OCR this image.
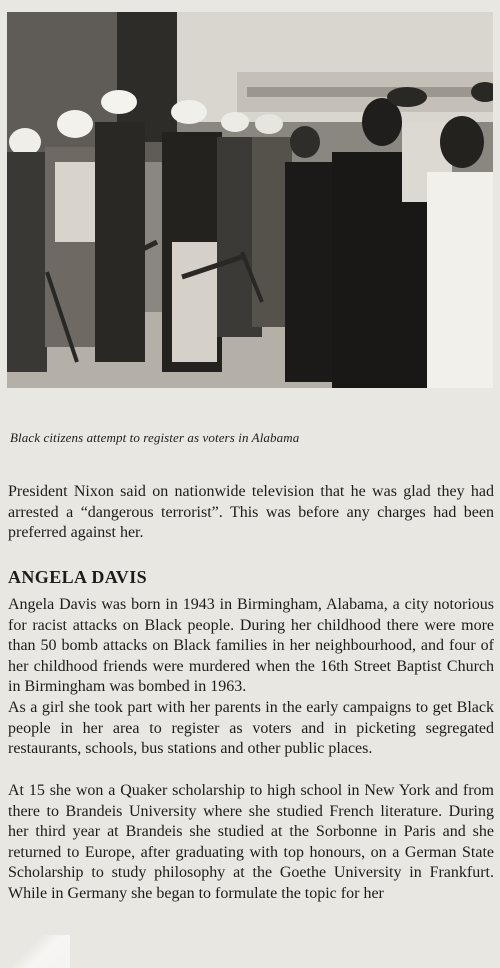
Black citizens attempt to register as voters in Alabama

President Nixon said on nationwide television that he was glad they had arrested a “dangerous terrorist”. This was before any charges had been preferred against her.

ANGELA DAVIS

Angela Davis was born in 1943 in Birmingham, Alabama, a city notorious for racist attacks on Black people. During her childhood there were more than 50 bomb attacks on Black families in her neighbourhood, and four of her childhood friends were murdered when the 16th Street Baptist Church in Birmingham was bombed in 1963.

As a girl she took part with her parents in the early campaigns to get Black people in her area to register as voters and in picketing segregated restaurants, schools, bus stations and other public places.

At 15 she won a Quaker scholarship to high school in New York and from there to Brandeis University where she studied French literature. During her third year at Brandeis she studied at the Sorbonne in Paris and she returned to Europe, after graduating with top honours, on a German State Scholarship to study philosophy at the Goethe University in Frankfurt. While in Germany she began to formulate the topic for her
